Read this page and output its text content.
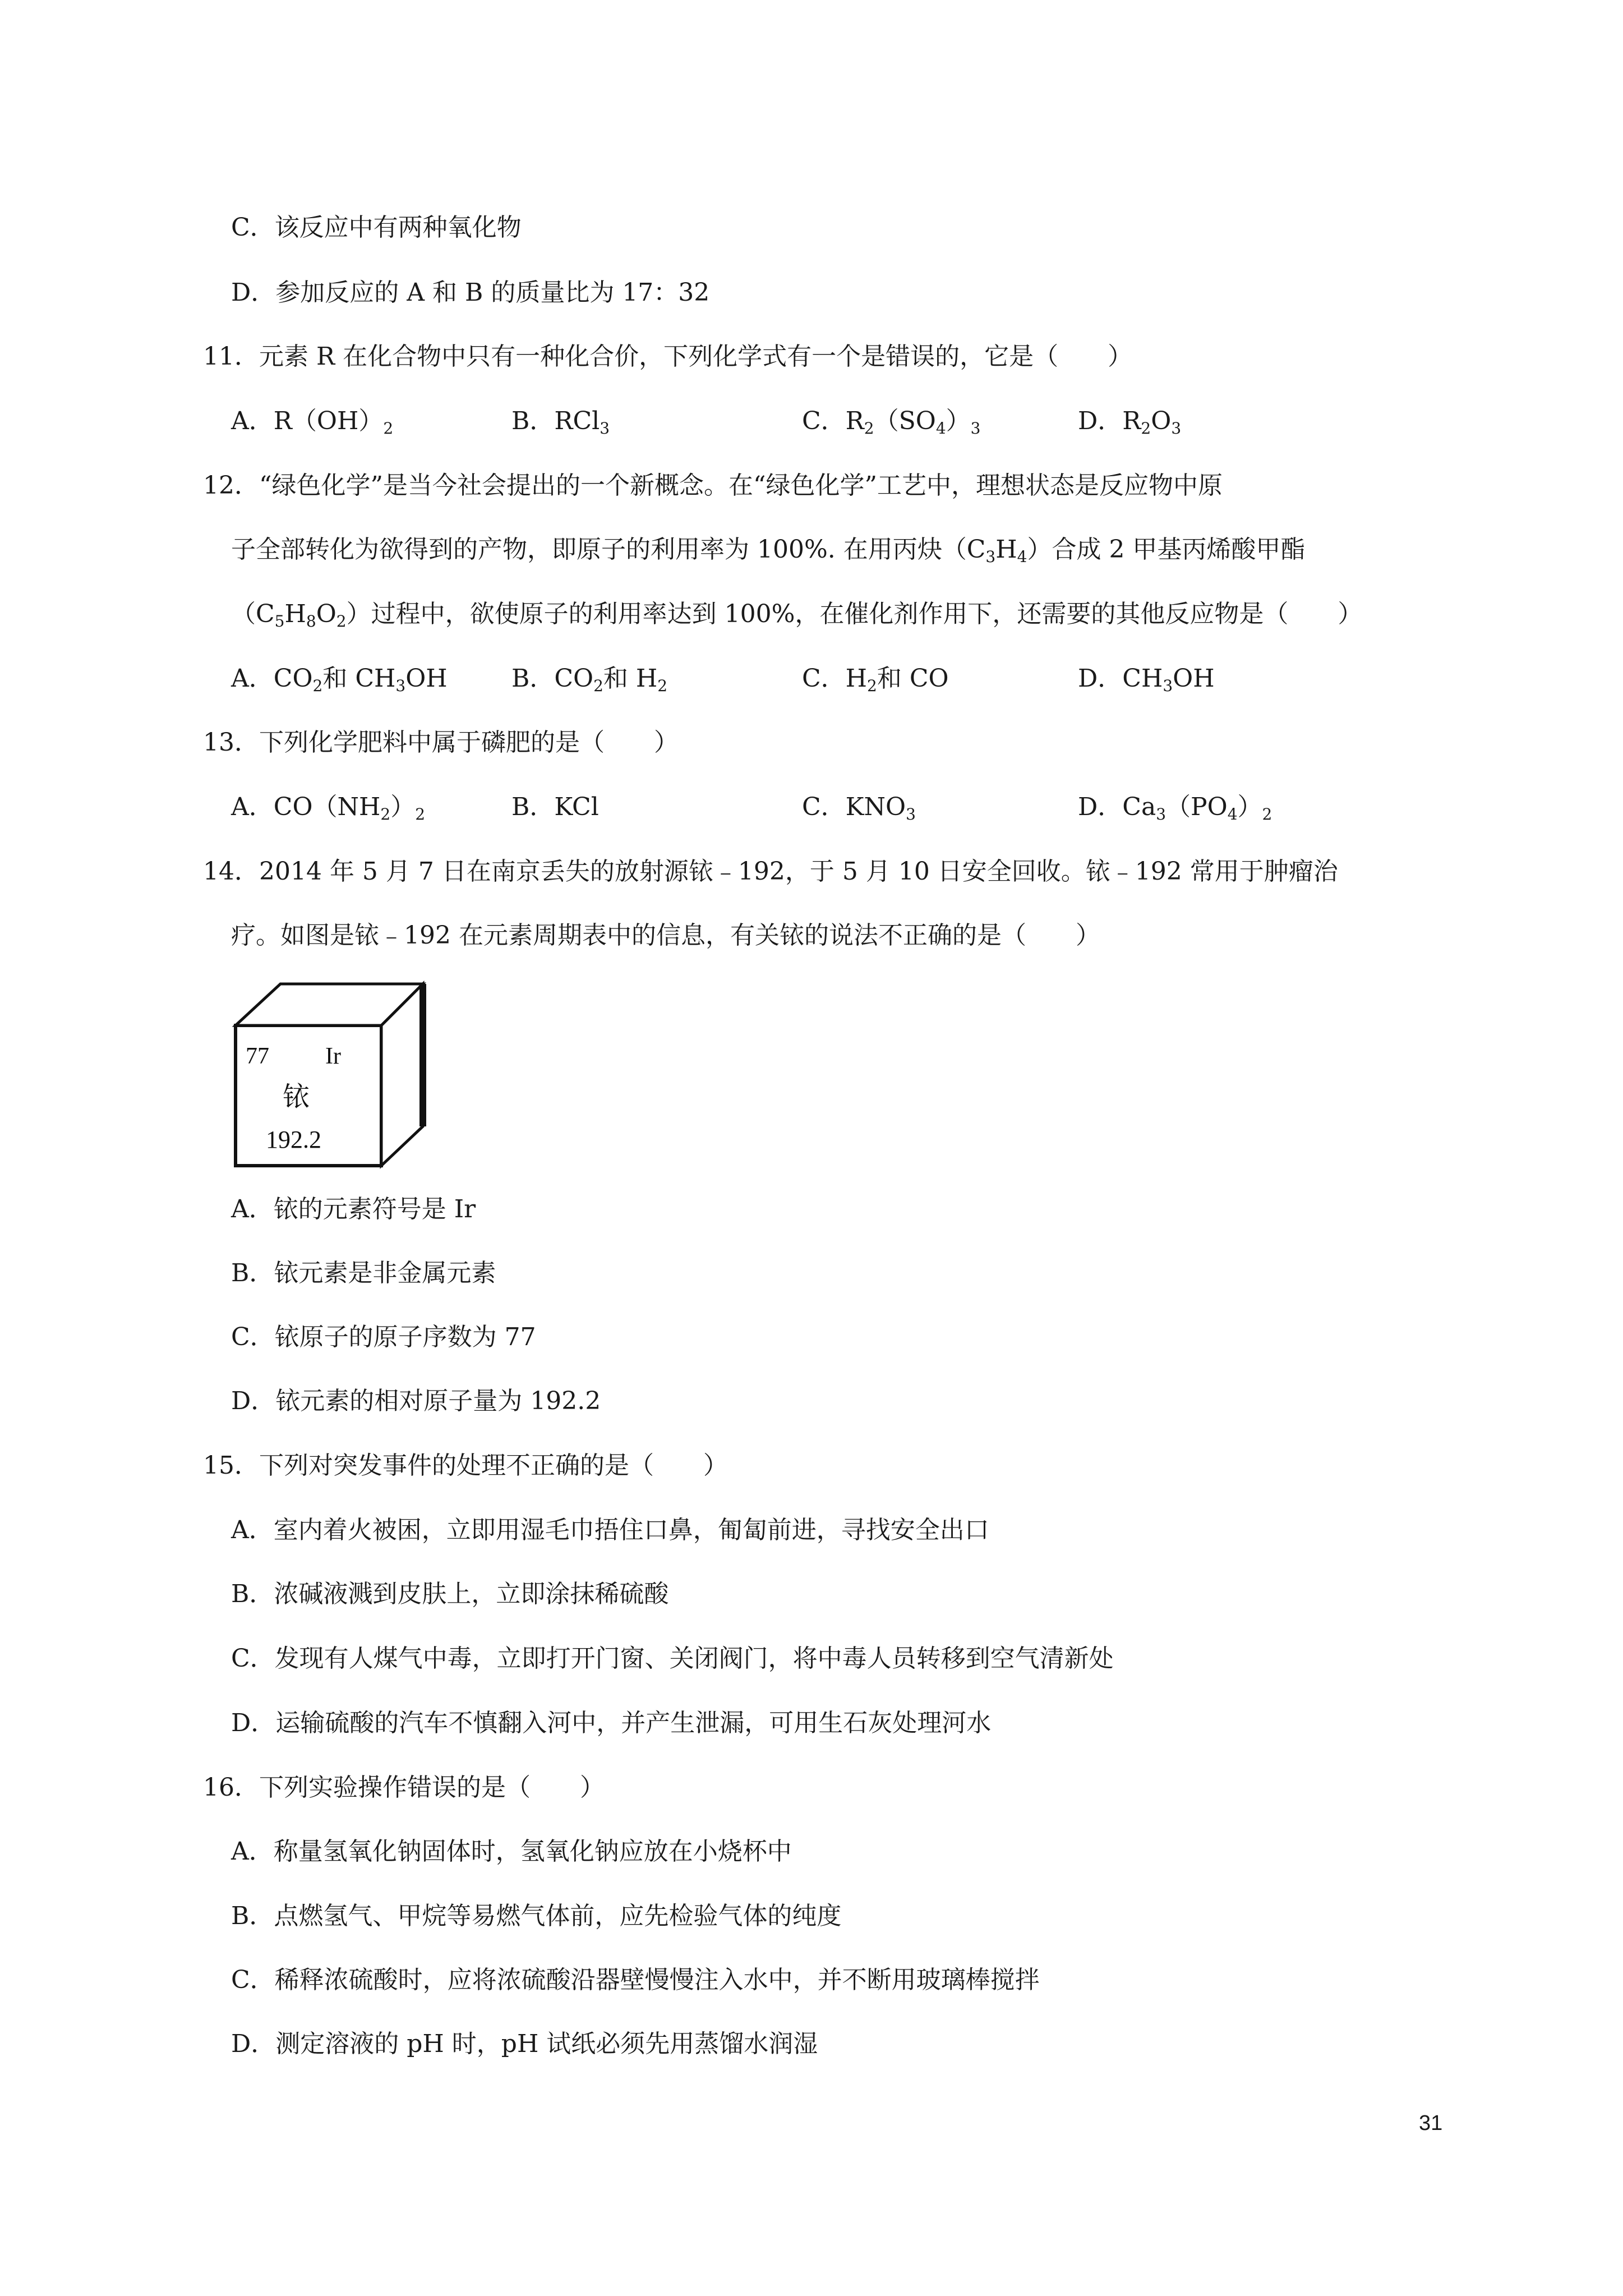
C．该反应中有两种氧化物
D．参加反应的 A 和 B 的质量比为 17：32
11．元素 R 在化合物中只有一种化合价，下列化学式有一个是错误的，它是（　　）
A．$R(OH)_2$	B．RCl$_3$	C．$R_2(SO_4)_3$	D．$R_2O_3$
12．“绿色化学”是当今社会提出的一个新概念。在“绿色化学”工艺中，理想状态是反应物中原
子全部转化为欲得到的产物，即原子的利用率为 100%. 在用丙炔$(C_3H_4)$合成 2 甲基丙烯酸甲酯
$(C_5H_8O_2)$过程中，欲使原子的利用率达到 100%，在催化剂作用下，还需要的其他反应物是（　　）
A．$CO_2$和 $CH_3OH$	B．$CO_2$和 $H_2$	C．$H_2$和 CO	D．$CH_3OH$
13．下列化学肥料中属于磷肥的是（　　）
A．$CO(NH_2)_2$	B．KCl	C．$KNO_3$	D．$Ca_3(PO_4)_2$
14．2014 年 5 月 7 日在南京丢失的放射源铱﹣192，于 5 月 10 日安全回收。铱﹣192 常用于肿瘤治
疗。如图是铱﹣192 在元素周期表中的信息，有关铱的说法不正确的是（　　）
77 Ir
铱
192.2
A．铱的元素符号是 Ir
B．铱元素是非金属元素
C．铱原子的原子序数为 77
D．铱元素的相对原子量为 192.2
15．下列对突发事件的处理不正确的是（　　）
A．室内着火被困，立即用湿毛巾捂住口鼻，匍匐前进，寻找安全出口
B．浓碱液溅到皮肤上，立即涂抹稀硫酸
C．发现有人煤气中毒，立即打开门窗、关闭阀门，将中毒人员转移到空气清新处
D．运输硫酸的汽车不慎翻入河中，并产生泄漏，可用生石灰处理河水
16．下列实验操作错误的是（　　）
A．称量氢氧化钠固体时，氢氧化钠应放在小烧杯中
B．点燃氢气、甲烷等易燃气体前，应先检验气体的纯度
C．稀释浓硫酸时，应将浓硫酸沿器壁慢慢注入水中，并不断用玻璃棒搅拌
D．测定溶液的 pH 时，pH 试纸必须先用蒸馏水润湿
31
